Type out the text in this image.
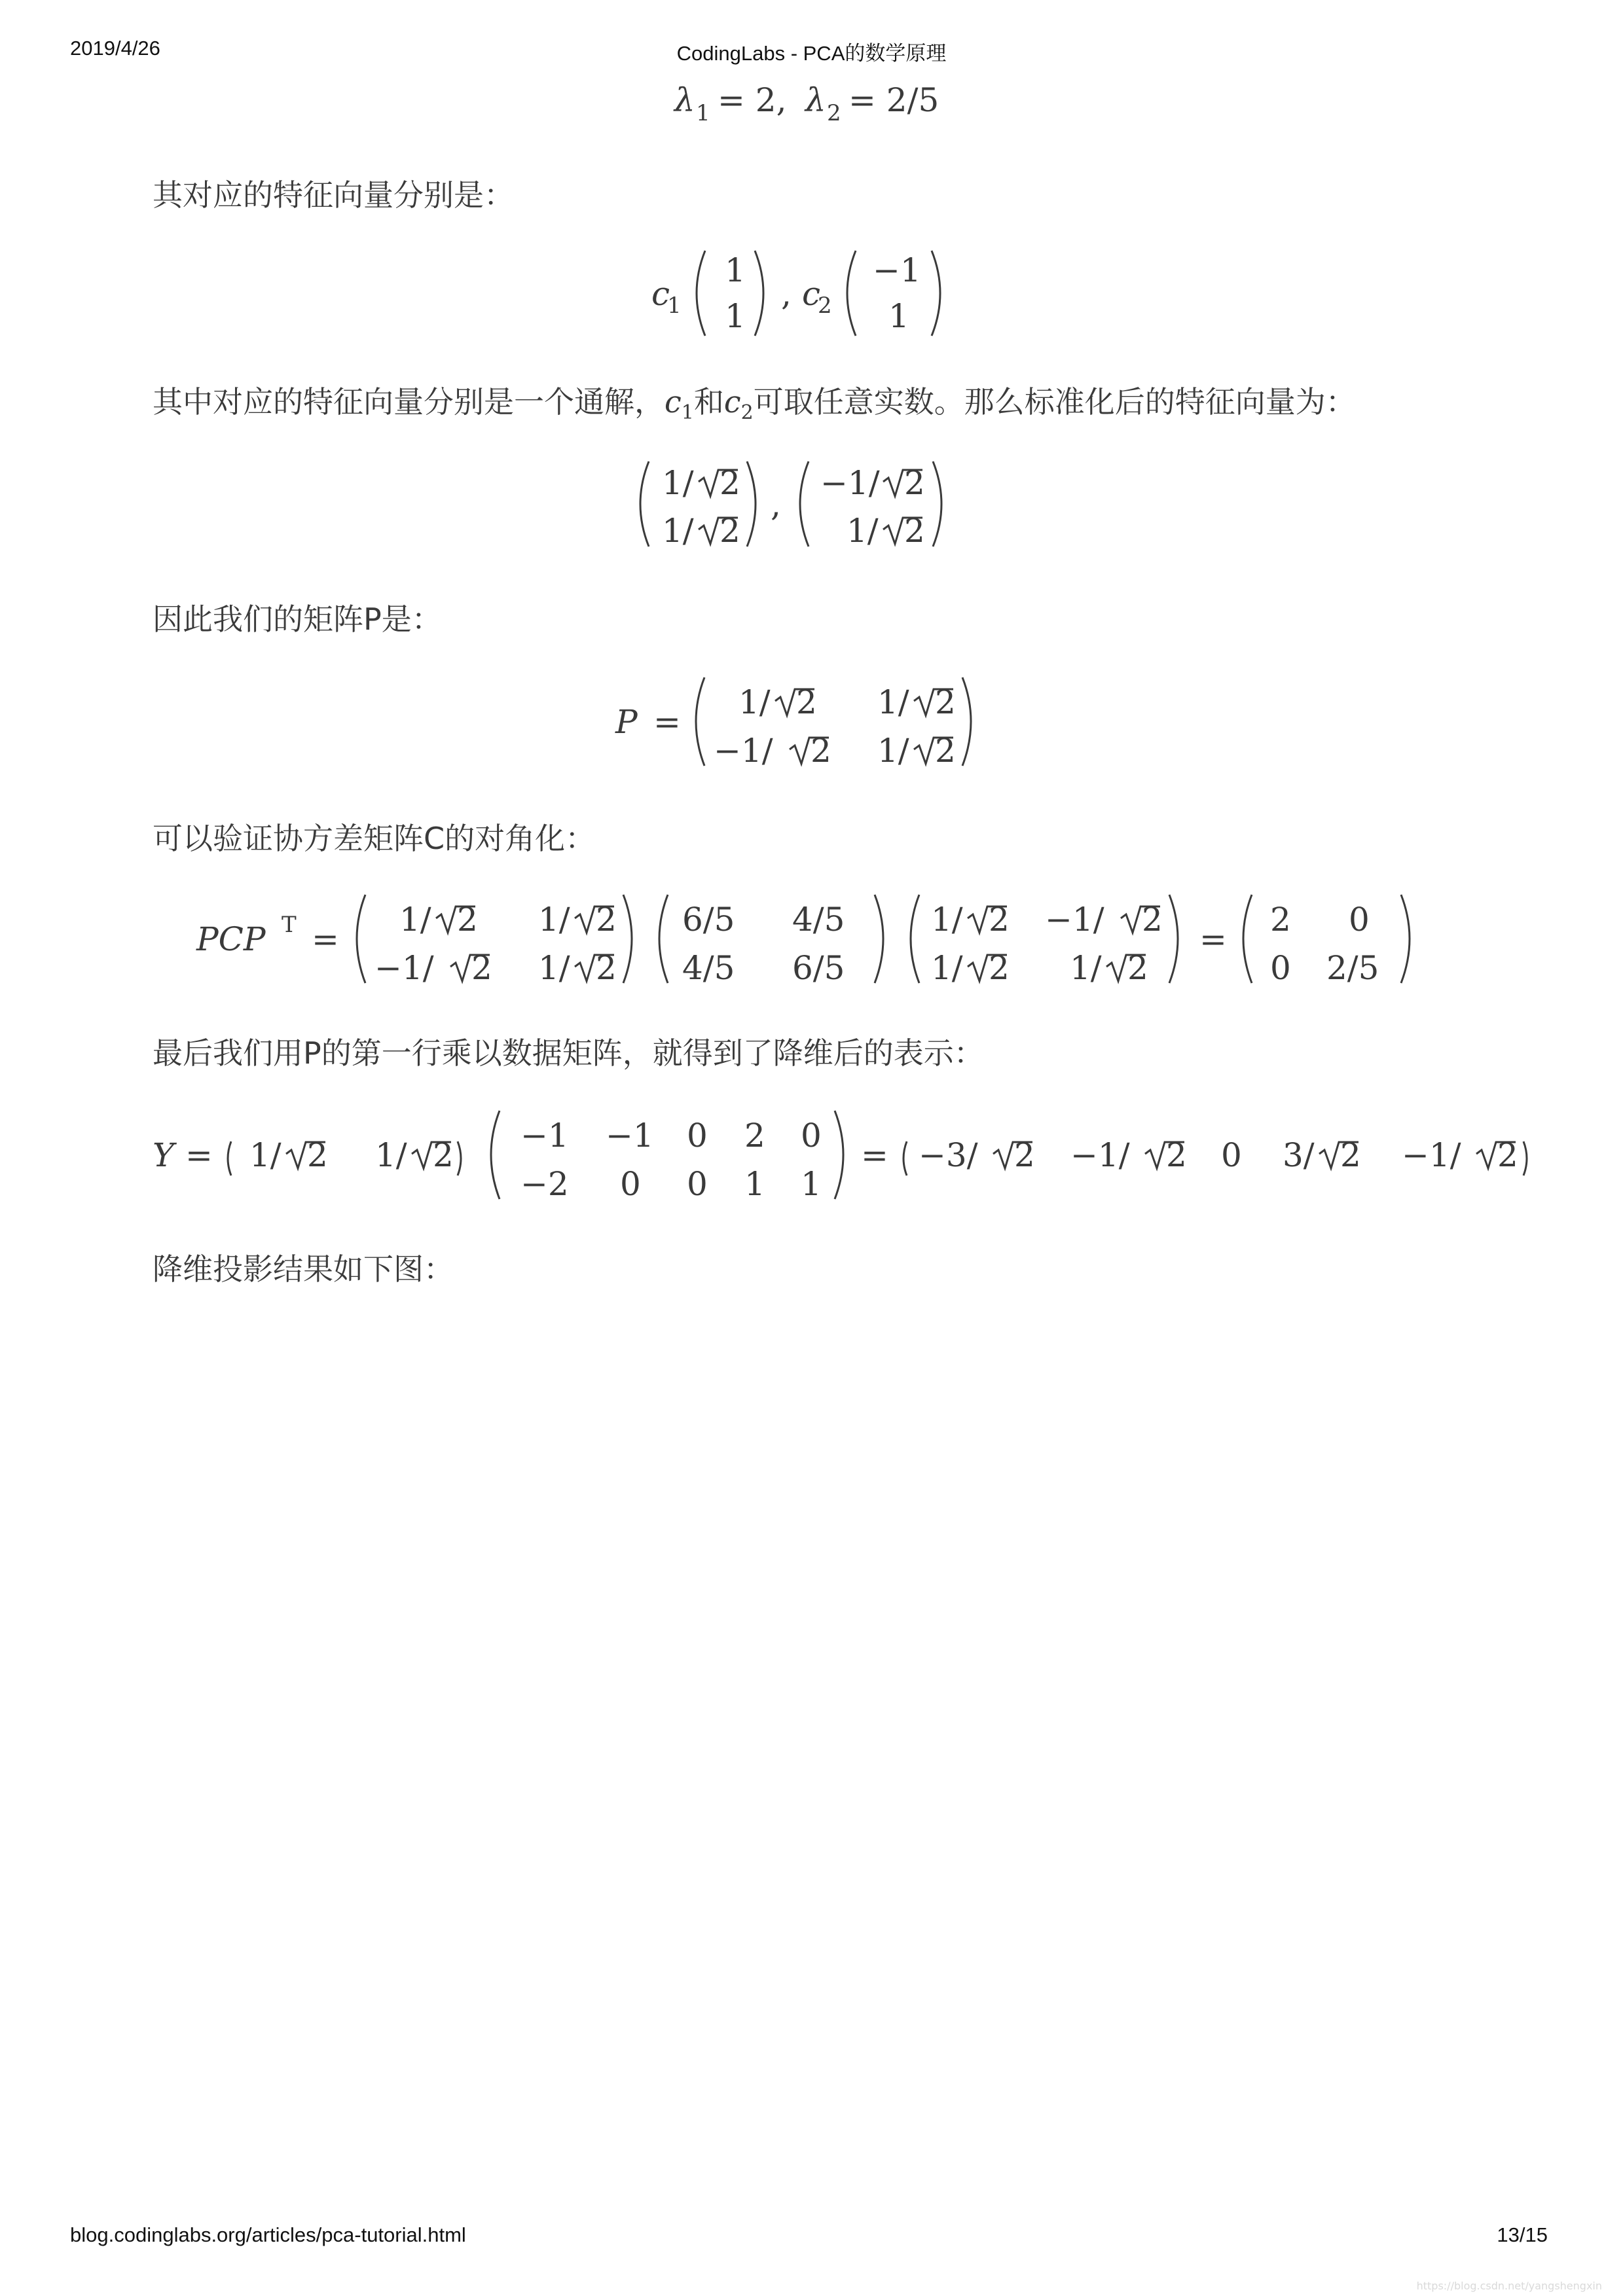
2019/4/26	CodingLabs - PCA的数学原理
λ 1 = 2, λ 2 = 2/5
其对应的特征向量分别是：
c
1
1
1
, c
2
−1
1
其中对应的特征向量分别是一个通解，$c_1$和$c_2$可取任意实数。那么标准化后的特征向量为：
1/ 2
1/ 2
,
−1/ 2
1/ 2
因此我们的矩阵P是：
P =
1/ 2 1/ 2
−1/ 2 1/ 2
可以验证协方差矩阵C的对角化：
PCP T =
1/ 2 1/ 2
−1/ 2 1/ 2
6/5 4/5
4/5 6/5
1/ 2 −1/ 2
1/ 2 1/ 2
=
2 0
0 2/5
最后我们用P的第一行乘以数据矩阵，就得到了降维后的表示：
Y = 1/ 2 1/ 2
−1 −1 0 2 0
−2 0 0 1 1
= −3/ 2 −1/ 2 0 3/ 2 −1/ 2
降维投影结果如下图：
blog.codinglabs.org/articles/pca-tutorial.html	13/15
https://blog.csdn.net/yangshengxin
